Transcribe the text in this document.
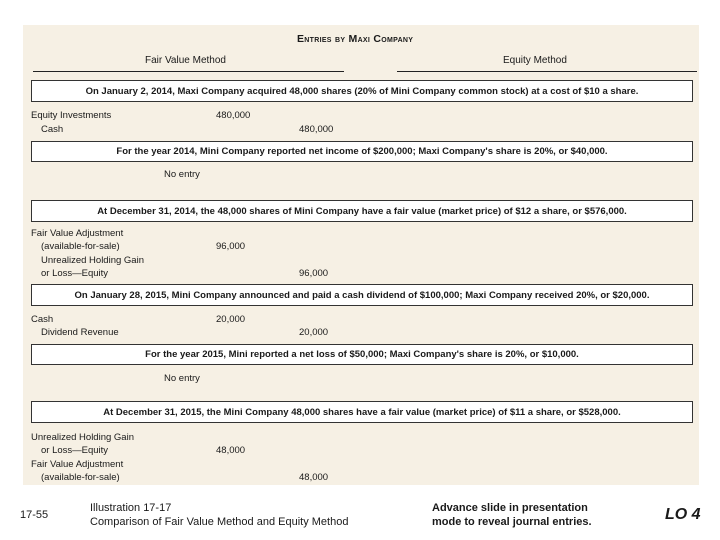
Entries by Maxi Company
Fair Value Method	Equity Method
On January 2, 2014, Maxi Company acquired 48,000 shares (20% of Mini Company common stock) at a cost of $10 a share.
Equity Investments	480,000
Cash	480,000
For the year 2014, Mini Company reported net income of $200,000; Maxi Company's share is 20%, or $40,000.
No entry
At December 31, 2014, the 48,000 shares of Mini Company have a fair value (market price) of $12 a share, or $576,000.
Fair Value Adjustment
(available-for-sale)	96,000
Unrealized Holding Gain
or Loss—Equity	96,000
On January 28, 2015, Mini Company announced and paid a cash dividend of $100,000; Maxi Company received 20%, or $20,000.
Cash	20,000
Dividend Revenue	20,000
For the year 2015, Mini reported a net loss of $50,000; Maxi Company's share is 20%, or $10,000.
No entry
At December 31, 2015, the Mini Company 48,000 shares have a fair value (market price) of $11 a share, or $528,000.
Unrealized Holding Gain
or Loss—Equity	48,000
Fair Value Adjustment
(available-for-sale)	48,000
17-55
Illustration 17-17
Comparison of Fair Value Method and Equity Method
Advance slide in presentation
mode to reveal journal entries.	LO 4
